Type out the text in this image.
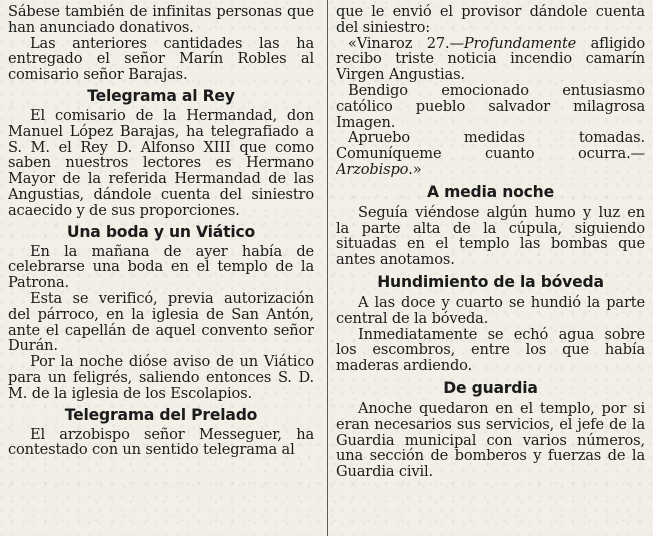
Sábese también de infinitas personas que han anunciado donativos.

Las anteriores cantidades las ha entregado el señor Marín Robles al comisario señor Barajas.

Telegrama al Rey

El comisario de la Hermandad, don Manuel López Barajas, ha telegrafiado a S. M. el Rey D. Alfonso XIII que como saben nuestros lectores es Hermano Mayor de la referida Hermandad de las Angustias, dándole cuenta del siniestro acaecido y de sus proporciones.

Una boda y un Viático

En la mañana de ayer había de celebrarse una boda en el templo de la Patrona.

Esta se verificó, previa autorización del párroco, en la iglesia de San Antón, ante el capellán de aquel convento señor Durán.

Por la noche dióse aviso de un Viático para un feligrés, saliendo entonces S. D. M. de la iglesia de los Escolapios.

Telegrama del Prelado

El arzobispo señor Messeguer, ha contestado con un sentido telegrama al

que le envió el provisor dándole cuenta del siniestro:

«Vinaroz 27.—Profundamente afligido recibo triste noticia incendio camarín Virgen Angustias.

Bendigo emocionado entusiasmo católico pueblo salvador milagrosa Imagen.

Apruebo medidas tomadas. Comuníqueme cuanto ocurra.—Arzobispo.»

A media noche

Seguía viéndose algún humo y luz en la parte alta de la cúpula, siguiendo situadas en el templo las bombas que antes anotamos.

Hundimiento de la bóveda

A las doce y cuarto se hundió la parte central de la bóveda.

Inmediatamente se echó agua sobre los escombros, entre los que había maderas ardiendo.

De guardia

Anoche quedaron en el templo, por si eran necesarios sus servicios, el jefe de la Guardia municipal con varios números, una sección de bomberos y fuerzas de la Guardia civil.
